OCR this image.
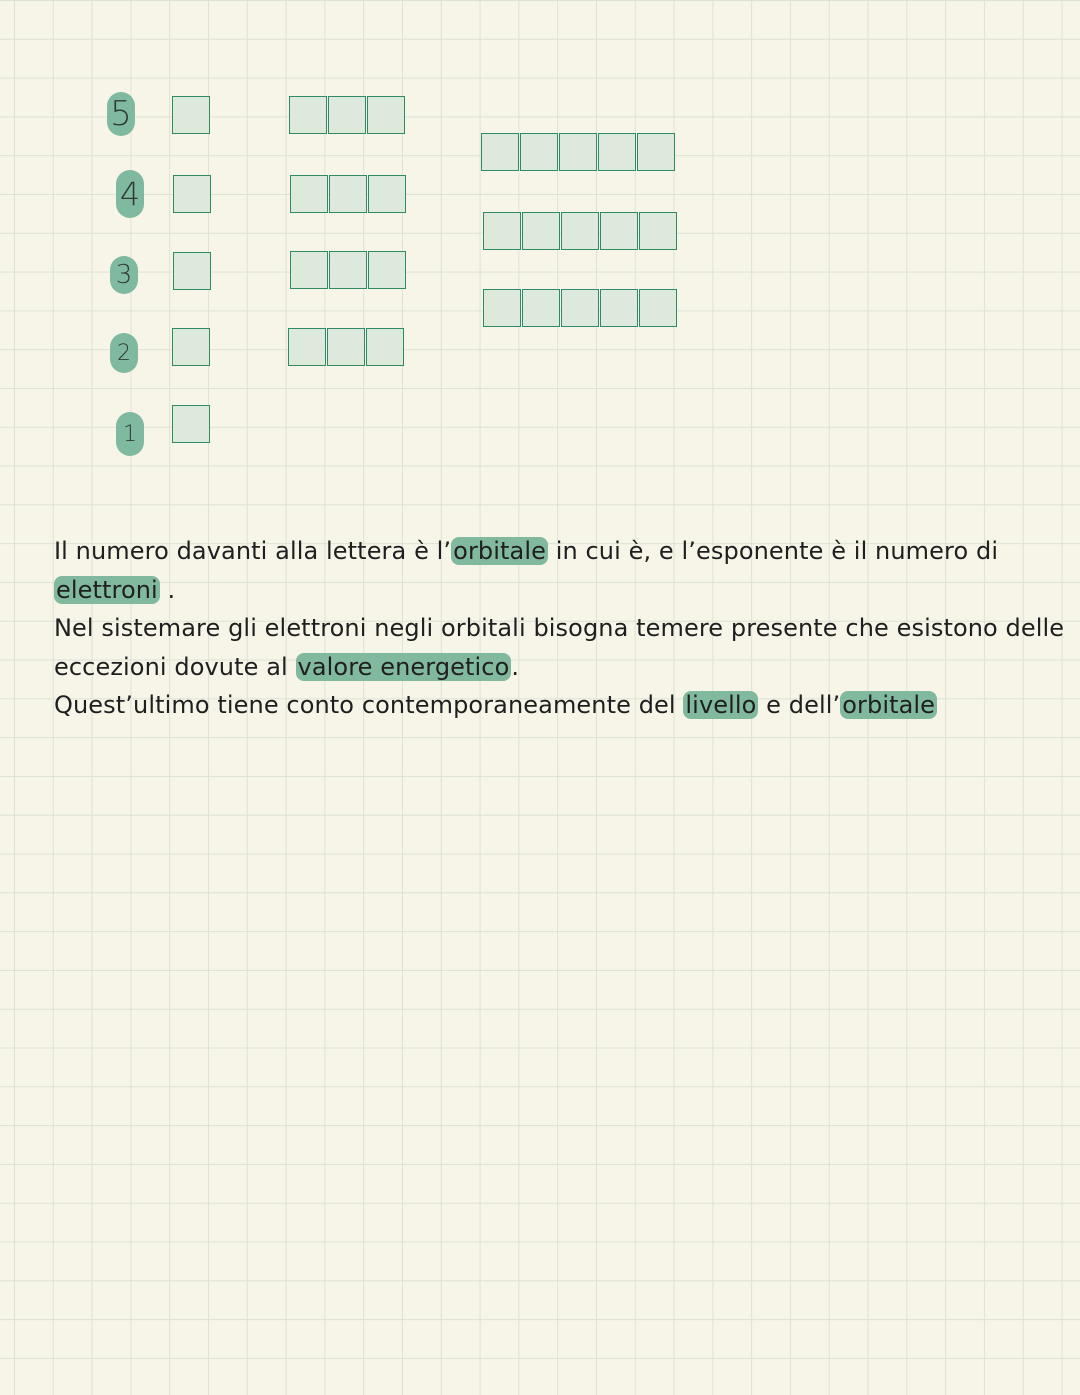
5
4
3
2
1
Il numero davanti alla lettera è l’orbitale in cui è, e l’esponente è il numero di
elettroni .
Nel sistemare gli elettroni negli orbitali bisogna temere presente che esistono delle
eccezioni dovute al valore energetico.
Quest’ultimo tiene conto contemporaneamente del livello e dell’orbitale
